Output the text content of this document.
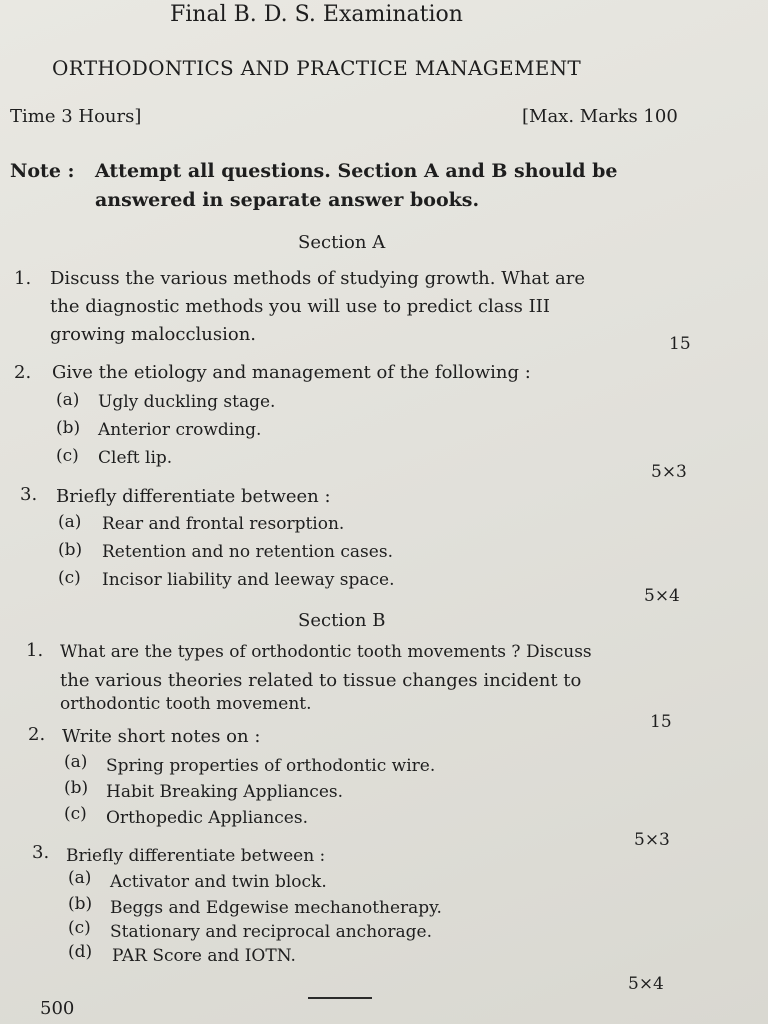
Final B. D. S. Examination
ORTHODONTICS AND PRACTICE MANAGEMENT
Time 3 Hours]	[Max. Marks 100
Note : Attempt all questions. Section A and B should be
answered in separate answer books.
Section A
1. Discuss the various methods of studying growth. What are
the diagnostic methods you will use to predict class III
growing malocclusion.	15
2. Give the etiology and management of the following :
(a) Ugly duckling stage.
(b) Anterior crowding.
(c) Cleft lip.
5×3
3. Briefly differentiate between :
(a) Rear and frontal resorption.
(b) Retention and no retention cases.
(c) Incisor liability and leeway space.
5×4
Section B
1. What are the types of orthodontic tooth movements ? Discuss
the various theories related to tissue changes incident to
orthodontic tooth movement.
15
2. Write short notes on :
(a) Spring properties of orthodontic wire.
(b) Habit Breaking Appliances.
(c) Orthopedic Appliances.
5×3
3. Briefly differentiate between :
(a) Activator and twin block.
(b) Beggs and Edgewise mechanotherapy.
(c) Stationary and reciprocal anchorage.
(d) PAR Score and IOTN.
5×4
500
